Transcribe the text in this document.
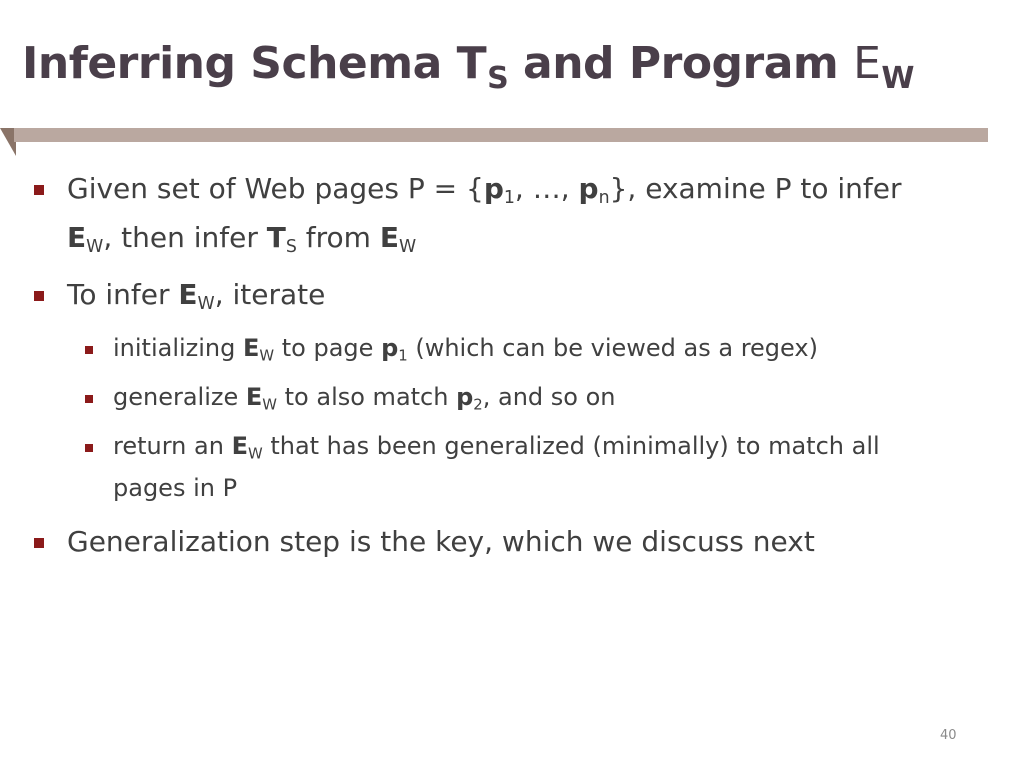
Inferring Schema $T_S$ and Program $E_W$
Given set of Web pages $P = \{p_1$, …, $p_n$}, examine P to infer
$E_W$, then infer $T_S$ from $E_W$
To infer $E_W$, iterate
initializing $E_W$ to page $p_1$ (which can be viewed as a regex)
generalize $E_W$ to also match $p_2$, and so on
return an $E_W$ that has been generalized (minimally) to match all
pages in P
Generalization step is the key, which we discuss next
40
